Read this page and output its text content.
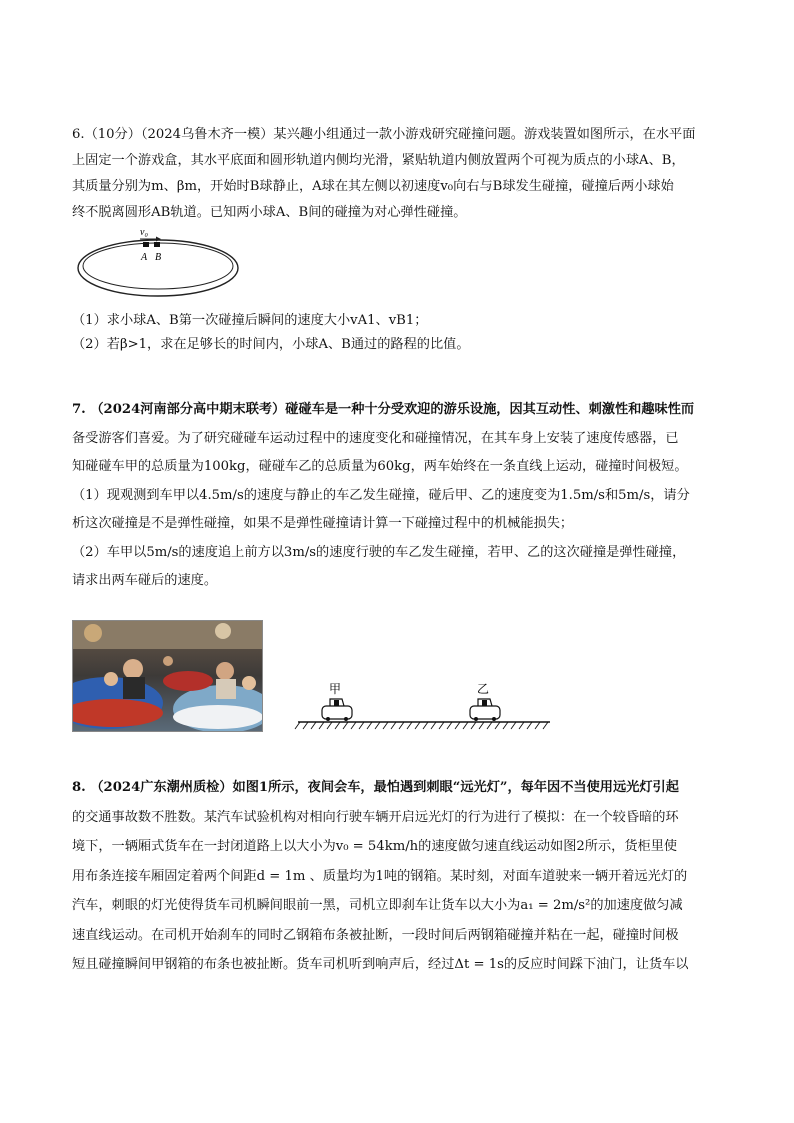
6.（10分）（2024乌鲁木齐一模）某兴趣小组通过一款小游戏研究碰撞问题。游戏装置如图所示，在水平面
上固定一个游戏盒，其水平底面和圆形轨道内侧均光滑，紧贴轨道内侧放置两个可视为质点的小球A、B，
其质量分别为m、βm，开始时B球静止，A球在其左侧以初速度v₀向右与B球发生碰撞，碰撞后两小球始
终不脱离圆形AB轨道。已知两小球A、B间的碰撞为对心弹性碰撞。

v₀
A B

（1）求小球A、B第一次碰撞后瞬间的速度大小vA1、vB1；
（2）若β>1，求在足够长的时间内，小球A、B通过的路程的比值。

7. （2024河南部分高中期末联考）碰碰车是一种十分受欢迎的游乐设施，因其互动性、刺激性和趣味性而
备受游客们喜爱。为了研究碰碰车运动过程中的速度变化和碰撞情况，在其车身上安装了速度传感器，已
知碰碰车甲的总质量为100kg，碰碰车乙的总质量为60kg，两车始终在一条直线上运动，碰撞时间极短。
（1）现观测到车甲以4.5m/s的速度与静止的车乙发生碰撞，碰后甲、乙的速度变为1.5m/s和5m/s，请分
析这次碰撞是不是弹性碰撞，如果不是弹性碰撞请计算一下碰撞过程中的机械能损失；
（2）车甲以5m/s的速度追上前方以3m/s的速度行驶的车乙发生碰撞，若甲、乙的这次碰撞是弹性碰撞，
请求出两车碰后的速度。

甲	乙

8. （2024广东潮州质检）如图1所示，夜间会车，最怕遇到刺眼“远光灯”，每年因不当使用远光灯引起
的交通事故数不胜数。某汽车试验机构对相向行驶车辆开启远光灯的行为进行了模拟：在一个较昏暗的环
境下，一辆厢式货车在一封闭道路上以大小为v₀ = 54km/h的速度做匀速直线运动如图2所示，货柜里使
用布条连接车厢固定着两个间距d = 1m 、质量均为1吨的钢箱。某时刻，对面车道驶来一辆开着远光灯的
汽车，刺眼的灯光使得货车司机瞬间眼前一黑，司机立即刹车让货车以大小为a₁ = 2m/s²的加速度做匀减
速直线运动。在司机开始刹车的同时乙钢箱布条被扯断，一段时间后两钢箱碰撞并粘在一起，碰撞时间极
短且碰撞瞬间甲钢箱的布条也被扯断。货车司机听到响声后，经过Δt = 1s的反应时间踩下油门，让货车以
